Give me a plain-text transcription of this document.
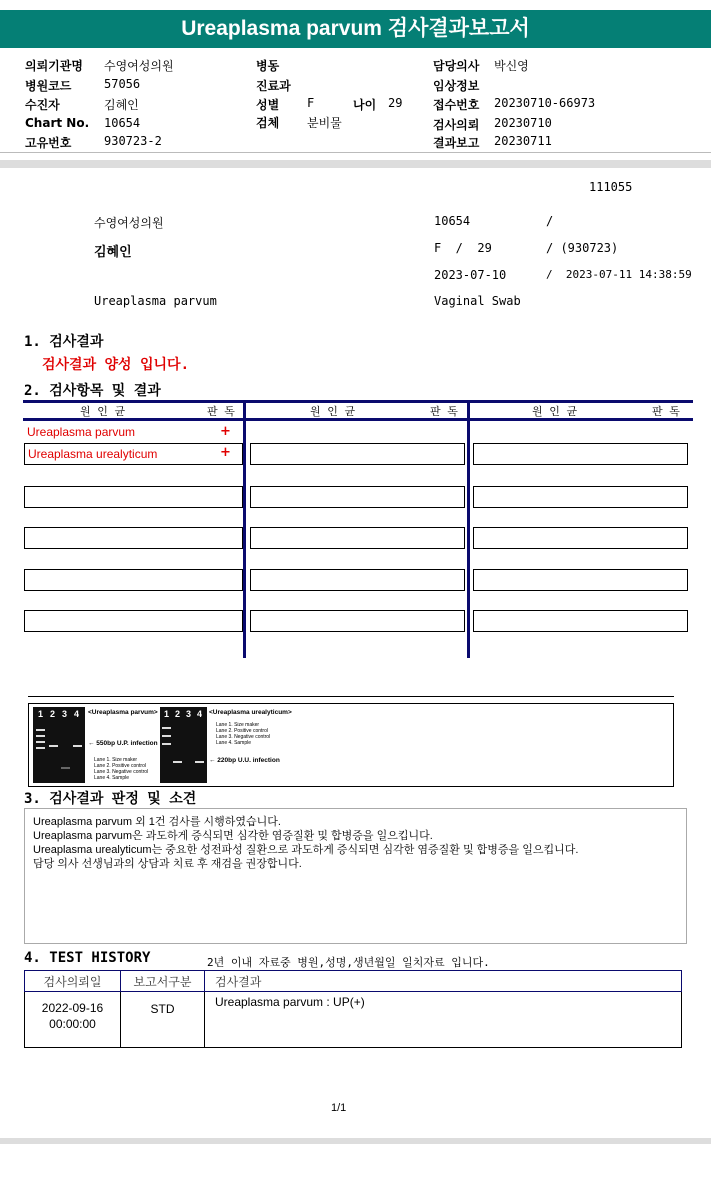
Ureaplasma parvum 검사결과보고서
의뢰기관명 수영여성의원
병원코드	57056
수진자	김혜인
Chart No. 10654
고유번호	930723-2
병동
진료과
성별 F	나이 29
검체 분비물
담당의사 박신영
임상정보
접수번호 20230710-66973
검사의뢰 20230710
결과보고 20230711
111055
수영여성의원	10654	/
김혜인	F  /  29	/ (930723)
2023-07-10	/  2023-07-11 14:38:59
Ureaplasma parvum	Vaginal Swab
1. 검사결과
검사결과 양성 입니다.
2. 검사항목 및 결과
원 인 균	판 독	원 인 균	판 독	원 인 균	판 독
Ureaplasma parvum	+
Ureaplasma urealyticum	+
1 2 3 4 <Ureaplasma parvum>
← 550bp U.P. infection
Lane 1. Size maker
Lane 2. Positive control
Lane 3. Negative control
Lane 4. Sample
1 2 3 4 <Ureaplasma urealyticum>
Lane 1. Size maker
Lane 2. Positive control
Lane 3. Negative control
Lane 4. Sample
← 220bp U.U. infection
3. 검사결과 판정 및 소견
Ureaplasma parvum 외 1건 검사를 시행하였습니다.
Ureaplasma parvum은 과도하게 증식되면 심각한 염증질환 및 합병증을 일으킵니다.
Ureaplasma urealyticum는 중요한 성전파성 질환으로 과도하게 증식되면 심각한 염증질환 및 합병증을 일으킵니다.
담당 의사 선생님과의 상담과 치료 후 재검을 권장합니다.
4. TEST HISTORY	2년 이내 자료중 병원,성명,생년월일 일치자료 입니다.
검사의뢰일	보고서구분	검사결과

2022-09-16
00:00:00	STD	Ureaplasma parvum : UP(+)
1/1
